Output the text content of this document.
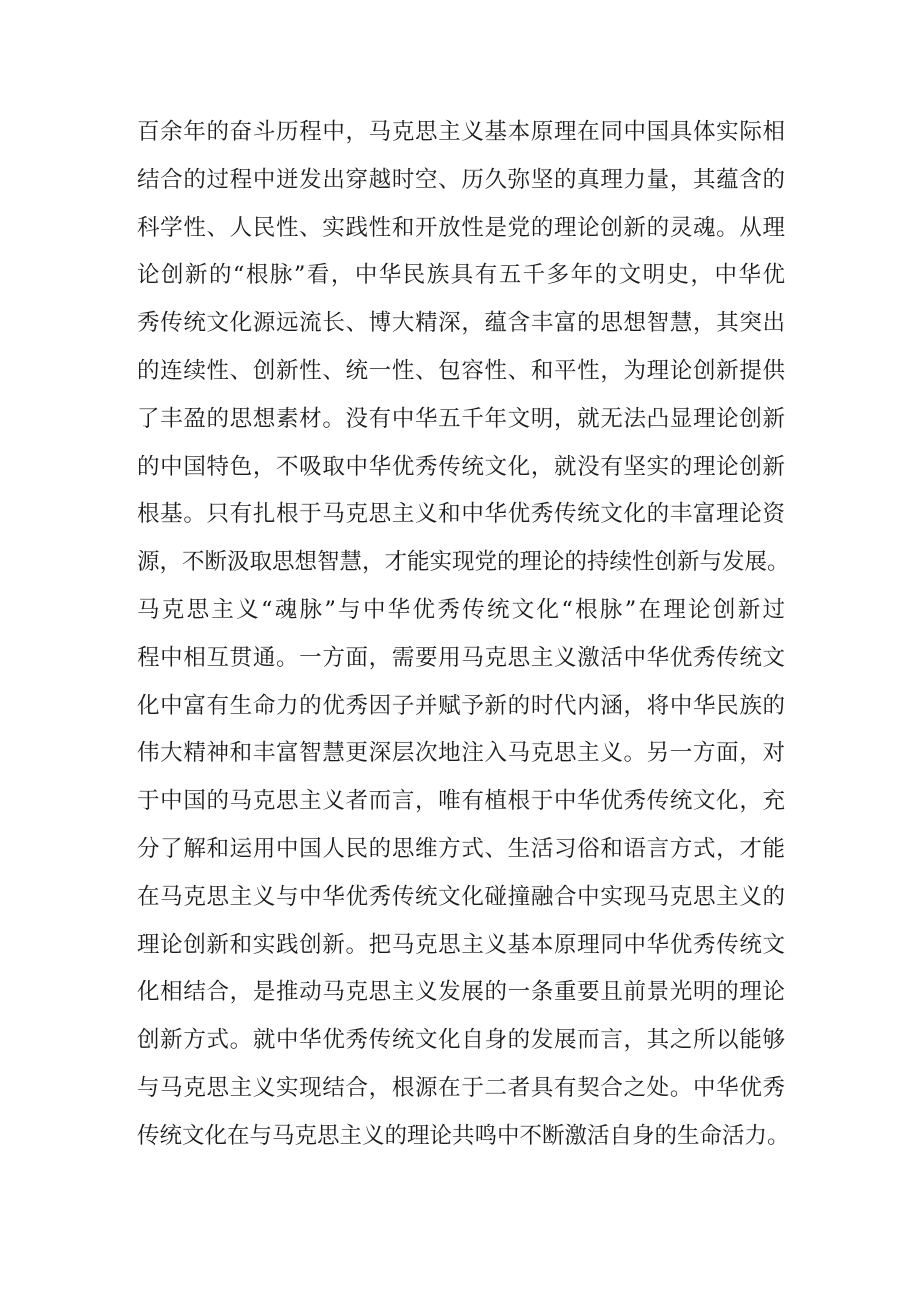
百余年的奋斗历程中，马克思主义基本原理在同中国具体实际相
结合的过程中迸发出穿越时空、历久弥坚的真理力量，其蕴含的
科学性、人民性、实践性和开放性是党的理论创新的灵魂。从理
论创新的“根脉”看，中华民族具有五千多年的文明史，中华优
秀传统文化源远流长、博大精深，蕴含丰富的思想智慧，其突出
的连续性、创新性、统一性、包容性、和平性，为理论创新提供
了丰盈的思想素材。没有中华五千年文明，就无法凸显理论创新
的中国特色，不吸取中华优秀传统文化，就没有坚实的理论创新
根基。只有扎根于马克思主义和中华优秀传统文化的丰富理论资
源，不断汲取思想智慧，才能实现党的理论的持续性创新与发展。
马克思主义“魂脉”与中华优秀传统文化“根脉”在理论创新过
程中相互贯通。一方面，需要用马克思主义激活中华优秀传统文
化中富有生命力的优秀因子并赋予新的时代内涵，将中华民族的
伟大精神和丰富智慧更深层次地注入马克思主义。另一方面，对
于中国的马克思主义者而言，唯有植根于中华优秀传统文化，充
分了解和运用中国人民的思维方式、生活习俗和语言方式，才能
在马克思主义与中华优秀传统文化碰撞融合中实现马克思主义的
理论创新和实践创新。把马克思主义基本原理同中华优秀传统文
化相结合，是推动马克思主义发展的一条重要且前景光明的理论
创新方式。就中华优秀传统文化自身的发展而言，其之所以能够
与马克思主义实现结合，根源在于二者具有契合之处。中华优秀
传统文化在与马克思主义的理论共鸣中不断激活自身的生命活力。
